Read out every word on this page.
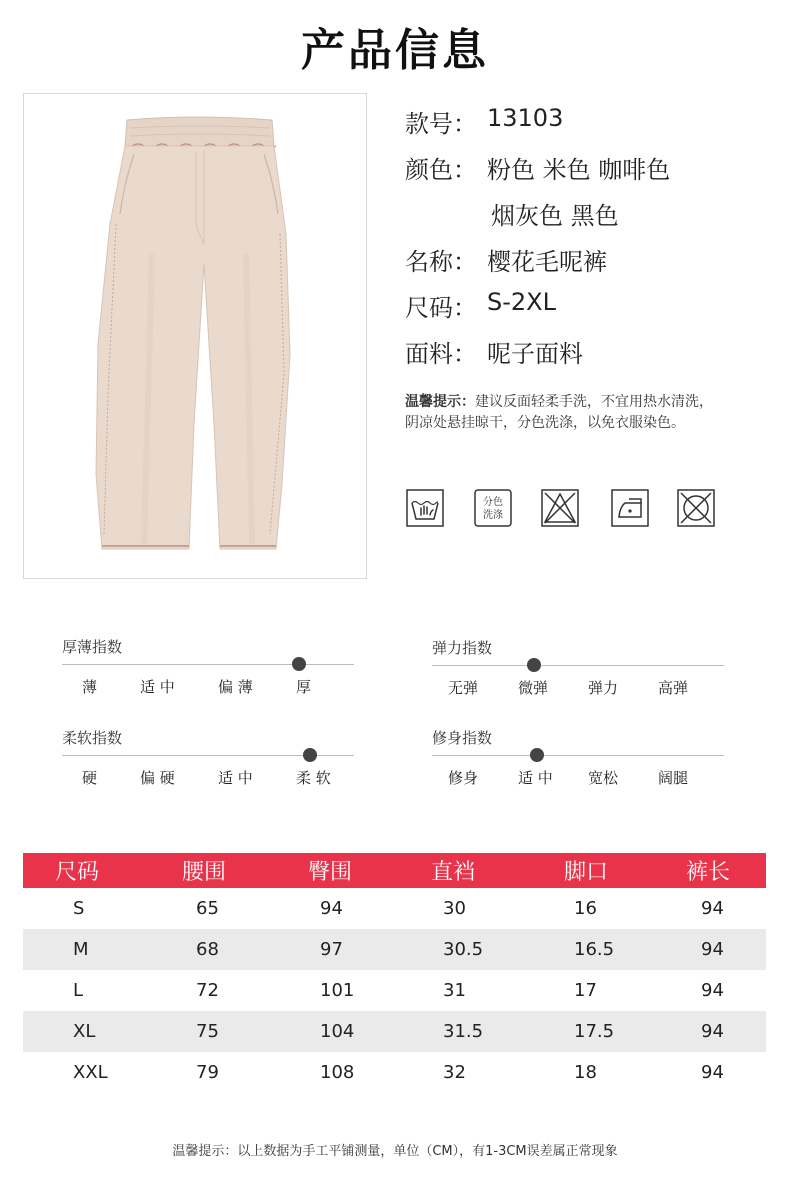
产品信息
款号： 13103
颜色： 粉色 米色 咖啡色
烟灰色 黑色
名称： 樱花毛呢裤
尺码： S-2XL
面料： 呢子面料
温馨提示：建议反面轻柔手洗，不宜用热水清洗，阴凉处悬挂晾干，分色洗涤，以免衣服染色。
分色
洗涤
厚薄指数
薄	适 中	偏 薄	厚
弹力指数
无弹	微弹	弹力	高弹
柔软指数
硬	偏 硬	适 中	柔 软
修身指数
修身	适 中 宽松	阔腿
尺码	腰围	臀围	直裆	脚口	裤长
S	65	94	30	16	94
M	68	97	30.5	16.5	94
L	72	101	31	17	94
XL	75	104	31.5	17.5	94
XXL	79	108	32	18	94
温馨提示：以上数据为手工平铺测量，单位（CM），有1-3CM误差属正常现象
